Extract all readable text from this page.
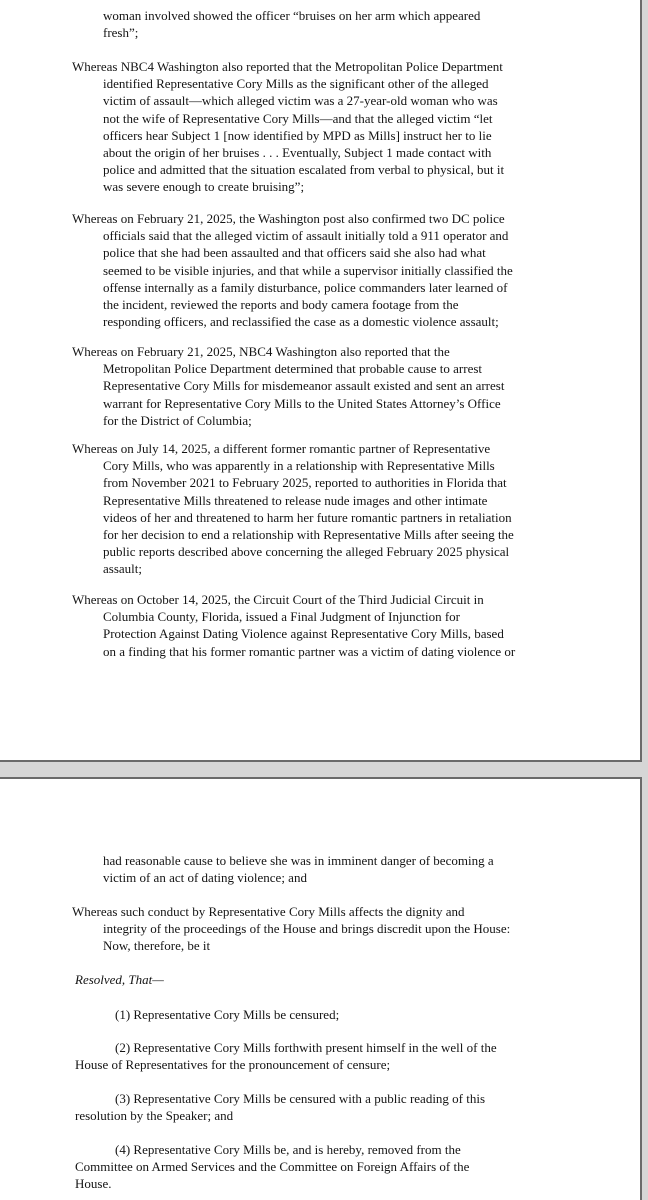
woman involved showed the officer “bruises on her arm which appeared
fresh”;

Whereas NBC4 Washington also reported that the Metropolitan Police Department
identified Representative Cory Mills as the significant other of the alleged
victim of assault—which alleged victim was a 27-year-old woman who was
not the wife of Representative Cory Mills—and that the alleged victim “let
officers hear Subject 1 [now identified by MPD as Mills] instruct her to lie
about the origin of her bruises . . . Eventually, Subject 1 made contact with
police and admitted that the situation escalated from verbal to physical, but it
was severe enough to create bruising”;

Whereas on February 21, 2025, the Washington post also confirmed two DC police
officials said that the alleged victim of assault initially told a 911 operator and
police that she had been assaulted and that officers said she also had what
seemed to be visible injuries, and that while a supervisor initially classified the
offense internally as a family disturbance, police commanders later learned of
the incident, reviewed the reports and body camera footage from the
responding officers, and reclassified the case as a domestic violence assault;

Whereas on February 21, 2025, NBC4 Washington also reported that the
Metropolitan Police Department determined that probable cause to arrest
Representative Cory Mills for misdemeanor assault existed and sent an arrest
warrant for Representative Cory Mills to the United States Attorney’s Office
for the District of Columbia;

Whereas on July 14, 2025, a different former romantic partner of Representative
Cory Mills, who was apparently in a relationship with Representative Mills
from November 2021 to February 2025, reported to authorities in Florida that
Representative Mills threatened to release nude images and other intimate
videos of her and threatened to harm her future romantic partners in retaliation
for her decision to end a relationship with Representative Mills after seeing the
public reports described above concerning the alleged February 2025 physical
assault;

Whereas on October 14, 2025, the Circuit Court of the Third Judicial Circuit in
Columbia County, Florida, issued a Final Judgment of Injunction for
Protection Against Dating Violence against Representative Cory Mills, based
on a finding that his former romantic partner was a victim of dating violence or

had reasonable cause to believe she was in imminent danger of becoming a
victim of an act of dating violence; and

Whereas such conduct by Representative Cory Mills affects the dignity and
integrity of the proceedings of the House and brings discredit upon the House:
Now, therefore, be it

Resolved, That—

(1) Representative Cory Mills be censured;

(2) Representative Cory Mills forthwith present himself in the well of the
House of Representatives for the pronouncement of censure;

(3) Representative Cory Mills be censured with a public reading of this
resolution by the Speaker; and

(4) Representative Cory Mills be, and is hereby, removed from the
Committee on Armed Services and the Committee on Foreign Affairs of the
House.
